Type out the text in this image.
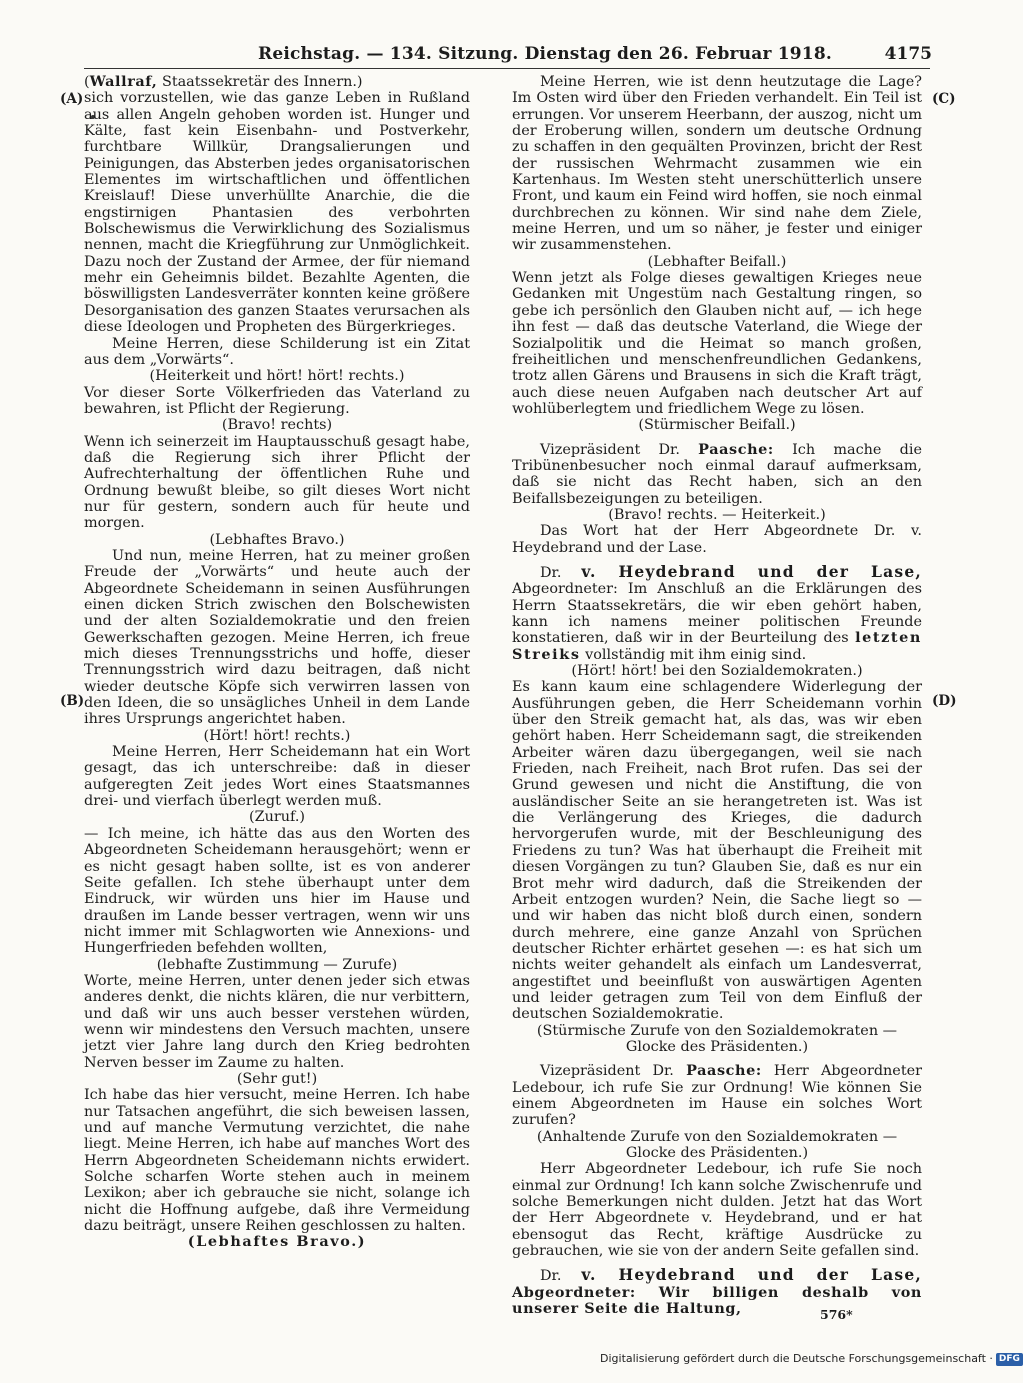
Reichstag. — 134. Sitzung. Dienstag den 26. Februar 1918.	4175
(A)
(B)
(C)
(D)

(Wallraf, Staatssekretär des Innern.)

sich vorzustellen, wie das ganze Leben in Rußland aus allen Angeln gehoben worden ist. Hunger und Kälte, fast kein Eisenbahn- und Postverkehr, furchtbare Willkür, Drangsalierungen und Peinigungen, das Absterben jedes organisatorischen Elementes im wirtschaftlichen und öffentlichen Kreislauf! Diese unverhüllte Anarchie, die die engstirnigen Phantasien des verbohrten Bolschewismus die Verwirklichung des Sozialismus nennen, macht die Kriegführung zur Unmöglichkeit. Dazu noch der Zustand der Armee, der für niemand mehr ein Geheimnis bildet. Bezahlte Agenten, die böswilligsten Landesverräter konnten keine größere Desorganisation des ganzen Staates verursachen als diese Ideologen und Propheten des Bürgerkrieges.

Meine Herren, diese Schilderung ist ein Zitat aus dem „Vorwärts“.

(Heiterkeit und hört! hört! rechts.)

Vor dieser Sorte Völkerfrieden das Vaterland zu bewahren, ist Pflicht der Regierung.

(Bravo! rechts)

Wenn ich seinerzeit im Hauptausschuß gesagt habe, daß die Regierung sich ihrer Pflicht der Aufrechterhaltung der öffentlichen Ruhe und Ordnung bewußt bleibe, so gilt dieses Wort nicht nur für gestern, sondern auch für heute und morgen.

(Lebhaftes Bravo.)

Und nun, meine Herren, hat zu meiner großen Freude der „Vorwärts“ und heute auch der Abgeordnete Scheidemann in seinen Ausführungen einen dicken Strich zwischen den Bolschewisten und der alten Sozialdemokratie und den freien Gewerkschaften gezogen. Meine Herren, ich freue mich dieses Trennungsstrichs und hoffe, dieser Trennungsstrich wird dazu beitragen, daß nicht wieder deutsche Köpfe sich verwirren lassen von den Ideen, die so unsägliches Unheil in dem Lande ihres Ursprungs angerichtet haben.

(Hört! hört! rechts.)

Meine Herren, Herr Scheidemann hat ein Wort gesagt, das ich unterschreibe: daß in dieser aufgeregten Zeit jedes Wort eines Staatsmannes drei- und vierfach überlegt werden muß.

(Zuruf.)

— Ich meine, ich hätte das aus den Worten des Abgeordneten Scheidemann herausgehört; wenn er es nicht gesagt haben sollte, ist es von anderer Seite gefallen. Ich stehe überhaupt unter dem Eindruck, wir würden uns hier im Hause und draußen im Lande besser vertragen, wenn wir uns nicht immer mit Schlagworten wie Annexions- und Hungerfrieden befehden wollten,

(lebhafte Zustimmung — Zurufe)

Worte, meine Herren, unter denen jeder sich etwas anderes denkt, die nichts klären, die nur verbittern, und daß wir uns auch besser verstehen würden, wenn wir mindestens den Versuch machten, unsere jetzt vier Jahre lang durch den Krieg bedrohten Nerven besser im Zaume zu halten.

(Sehr gut!)

Ich habe das hier versucht, meine Herren. Ich habe nur Tatsachen angeführt, die sich beweisen lassen, und auf manche Vermutung verzichtet, die nahe liegt. Meine Herren, ich habe auf manches Wort des Herrn Abgeordneten Scheidemann nichts erwidert. Solche scharfen Worte stehen auch in meinem Lexikon; aber ich gebrauche sie nicht, solange ich nicht die Hoffnung aufgebe, daß ihre Vermeidung dazu beiträgt, unsere Reihen geschlossen zu halten.

(Lebhaftes Bravo.)

Meine Herren, wie ist denn heutzutage die Lage? Im Osten wird über den Frieden verhandelt. Ein Teil ist errungen. Vor unserem Heerbann, der auszog, nicht um der Eroberung willen, sondern um deutsche Ordnung zu schaffen in den gequälten Provinzen, bricht der Rest der russischen Wehrmacht zusammen wie ein Kartenhaus. Im Westen steht unerschütterlich unsere Front, und kaum ein Feind wird hoffen, sie noch einmal durchbrechen zu können. Wir sind nahe dem Ziele, meine Herren, und um so näher, je fester und einiger wir zusammenstehen.

(Lebhafter Beifall.)

Wenn jetzt als Folge dieses gewaltigen Krieges neue Gedanken mit Ungestüm nach Gestaltung ringen, so gebe ich persönlich den Glauben nicht auf, — ich hege ihn fest — daß das deutsche Vaterland, die Wiege der Sozialpolitik und die Heimat so manch großen, freiheitlichen und menschenfreundlichen Gedankens, trotz allen Gärens und Brausens in sich die Kraft trägt, auch diese neuen Aufgaben nach deutscher Art auf wohlüberlegtem und friedlichem Wege zu lösen.

(Stürmischer Beifall.)

Vizepräsident Dr. Paasche: Ich mache die Tribünenbesucher noch einmal darauf aufmerksam, daß sie nicht das Recht haben, sich an den Beifallsbezeigungen zu beteiligen.

(Bravo! rechts. — Heiterkeit.)

Das Wort hat der Herr Abgeordnete Dr. v. Heydebrand und der Lase.

Dr. v. Heydebrand und der Lase, Abgeordneter: Im Anschluß an die Erklärungen des Herrn Staatssekretärs, die wir eben gehört haben, kann ich namens meiner politischen Freunde konstatieren, daß wir in der Beurteilung des letzten Streiks vollständig mit ihm einig sind.

(Hört! hört! bei den Sozialdemokraten.)

Es kann kaum eine schlagendere Widerlegung der Ausführungen geben, die Herr Scheidemann vorhin über den Streik gemacht hat, als das, was wir eben gehört haben. Herr Scheidemann sagt, die streikenden Arbeiter wären dazu übergegangen, weil sie nach Frieden, nach Freiheit, nach Brot rufen. Das sei der Grund gewesen und nicht die Anstiftung, die von ausländischer Seite an sie herangetreten ist. Was ist die Verlängerung des Krieges, die dadurch hervorgerufen wurde, mit der Beschleunigung des Friedens zu tun? Was hat überhaupt die Freiheit mit diesen Vorgängen zu tun? Glauben Sie, daß es nur ein Brot mehr wird dadurch, daß die Streikenden der Arbeit entzogen wurden? Nein, die Sache liegt so — und wir haben das nicht bloß durch einen, sondern durch mehrere, eine ganze Anzahl von Sprüchen deutscher Richter erhärtet gesehen —: es hat sich um nichts weiter gehandelt als einfach um Landesverrat, angestiftet und beeinflußt von auswärtigen Agenten und leider getragen zum Teil von dem Einfluß der deutschen Sozialdemokratie.

(Stürmische Zurufe von den Sozialdemokraten — Glocke des Präsidenten.)

Vizepräsident Dr. Paasche: Herr Abgeordneter Ledebour, ich rufe Sie zur Ordnung! Wie können Sie einem Abgeordneten im Hause ein solches Wort zurufen?

(Anhaltende Zurufe von den Sozialdemokraten — Glocke des Präsidenten.)

Herr Abgeordneter Ledebour, ich rufe Sie noch einmal zur Ordnung! Ich kann solche Zwischenrufe und solche Bemerkungen nicht dulden. Jetzt hat das Wort der Herr Abgeordnete v. Heydebrand, und er hat ebensogut das Recht, kräftige Ausdrücke zu gebrauchen, wie sie von der andern Seite gefallen sind.

Dr. v. Heydebrand und der Lase, Abgeordneter: Wir billigen deshalb von unserer Seite die Haltung,	576*
Digitalisierung gefördert durch die Deutsche Forschungsgemeinschaft · DFG
